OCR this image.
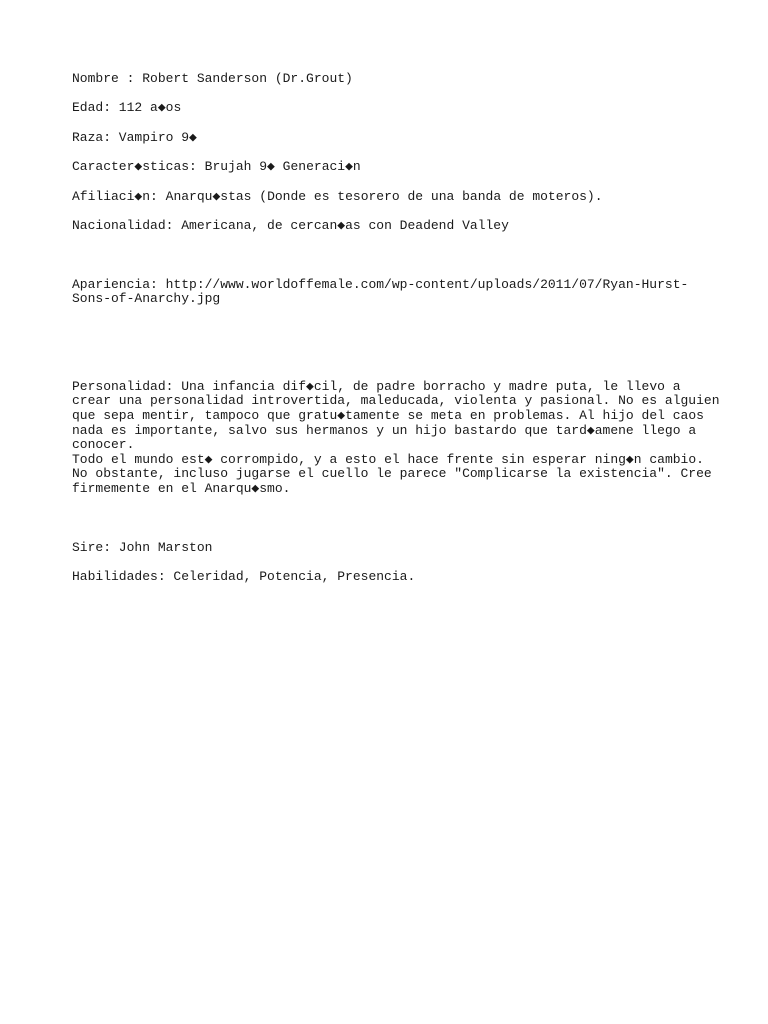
Nombre : Robert Sanderson (Dr.Grout)

Edad: 112 a◆os

Raza: Vampiro 9◆

Caracter◆sticas: Brujah 9◆ Generaci◆n

Afiliaci◆n: Anarqu◆stas (Donde es tesorero de una banda de moteros).

Nacionalidad: Americana, de cercan◆as con Deadend Valley

Apariencia: http://www.worldoffemale.com/wp-content/uploads/2011/07/Ryan-Hurst-
Sons-of-Anarchy.jpg

Personalidad: Una infancia dif◆cil, de padre borracho y madre puta, le llevo a
crear una personalidad introvertida, maleducada, violenta y pasional. No es alguien
que sepa mentir, tampoco que gratu◆tamente se meta en problemas. Al hijo del caos
nada es importante, salvo sus hermanos y un hijo bastardo que tard◆amene llego a
conocer.
Todo el mundo est◆ corrompido, y a esto el hace frente sin esperar ning◆n cambio.
No obstante, incluso jugarse el cuello le parece "Complicarse la existencia". Cree
firmemente en el Anarqu◆smo.

Sire: John Marston

Habilidades: Celeridad, Potencia, Presencia.
